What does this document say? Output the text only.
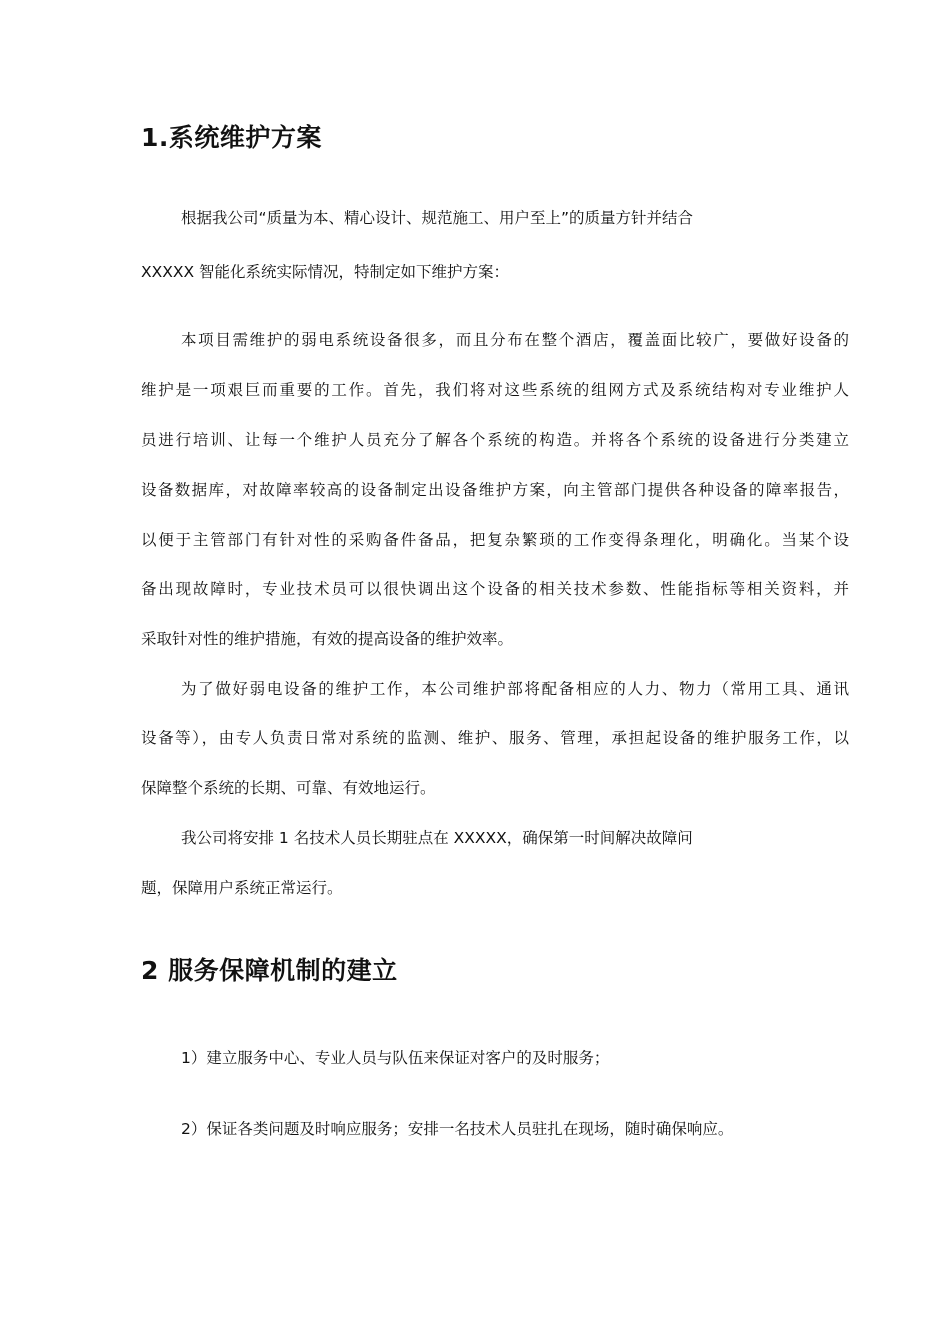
1.系统维护方案
根据我公司“质量为本、精心设计、规范施工、用户至上”的质量方针并结合
XXXXX 智能化系统实际情况，特制定如下维护方案：
本项目需维护的弱电系统设备很多，而且分布在整个酒店，覆盖面比较广，要做好设备的
维护是一项艰巨而重要的工作。首先，我们将对这些系统的组网方式及系统结构对专业维护人
员进行培训、让每一个维护人员充分了解各个系统的构造。并将各个系统的设备进行分类建立
设备数据库，对故障率较高的设备制定出设备维护方案，向主管部门提供各种设备的障率报告，
以便于主管部门有针对性的采购备件备品，把复杂繁琐的工作变得条理化，明确化。当某个设
备出现故障时，专业技术员可以很快调出这个设备的相关技术参数、性能指标等相关资料，并
采取针对性的维护措施，有效的提高设备的维护效率。
为了做好弱电设备的维护工作，本公司维护部将配备相应的人力、物力（常用工具、通讯
设备等），由专人负责日常对系统的监测、维护、服务、管理，承担起设备的维护服务工作，以
保障整个系统的长期、可靠、有效地运行。
我公司将安排 1 名技术人员长期驻点在 XXXXX，确保第一时间解决故障问
题，保障用户系统正常运行。
2 服务保障机制的建立
1）建立服务中心、专业人员与队伍来保证对客户的及时服务；
2）保证各类问题及时响应服务；安排一名技术人员驻扎在现场，随时确保响应。
